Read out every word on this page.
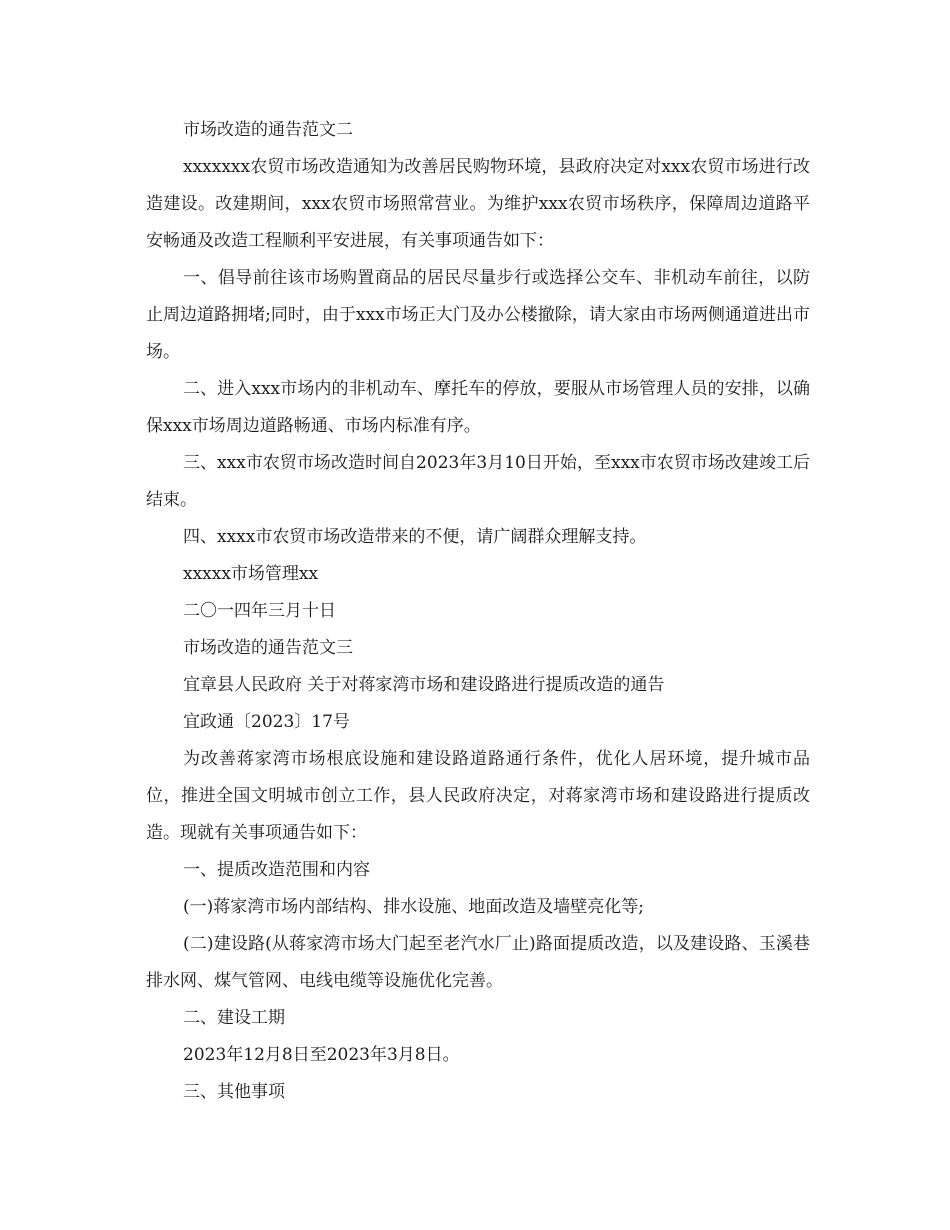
市场改造的通告范文二

xxxxxxx农贸市场改造通知为改善居民购物环境，县政府决定对xxx农贸市场进行改造建设。改建期间，xxx农贸市场照常营业。为维护xxx农贸市场秩序，保障周边道路平安畅通及改造工程顺利平安进展，有关事项通告如下：

一、倡导前往该市场购置商品的居民尽量步行或选择公交车、非机动车前往，以防止周边道路拥堵;同时，由于xxx市场正大门及办公楼撤除，请大家由市场两侧通道进出市场。

二、进入xxx市场内的非机动车、摩托车的停放，要服从市场管理人员的安排，以确保xxx市场周边道路畅通、市场内标准有序。

三、xxx市农贸市场改造时间自2023年3月10日开始，至xxx市农贸市场改建竣工后结束。

四、xxxx市农贸市场改造带来的不便，请广阔群众理解支持。

xxxxx市场管理xx

二〇一四年三月十日

市场改造的通告范文三

宜章县人民政府 关于对蒋家湾市场和建设路进行提质改造的通告

宜政通〔2023〕17号

为改善蒋家湾市场根底设施和建设路道路通行条件，优化人居环境，提升城市品位，推进全国文明城市创立工作，县人民政府决定，对蒋家湾市场和建设路进行提质改造。现就有关事项通告如下：

一、提质改造范围和内容

(一)蒋家湾市场内部结构、排水设施、地面改造及墙壁亮化等;

(二)建设路(从蒋家湾市场大门起至老汽水厂止)路面提质改造，以及建设路、玉溪巷排水网、煤气管网、电线电缆等设施优化完善。

二、建设工期

2023年12月8日至2023年3月8日。

三、其他事项
